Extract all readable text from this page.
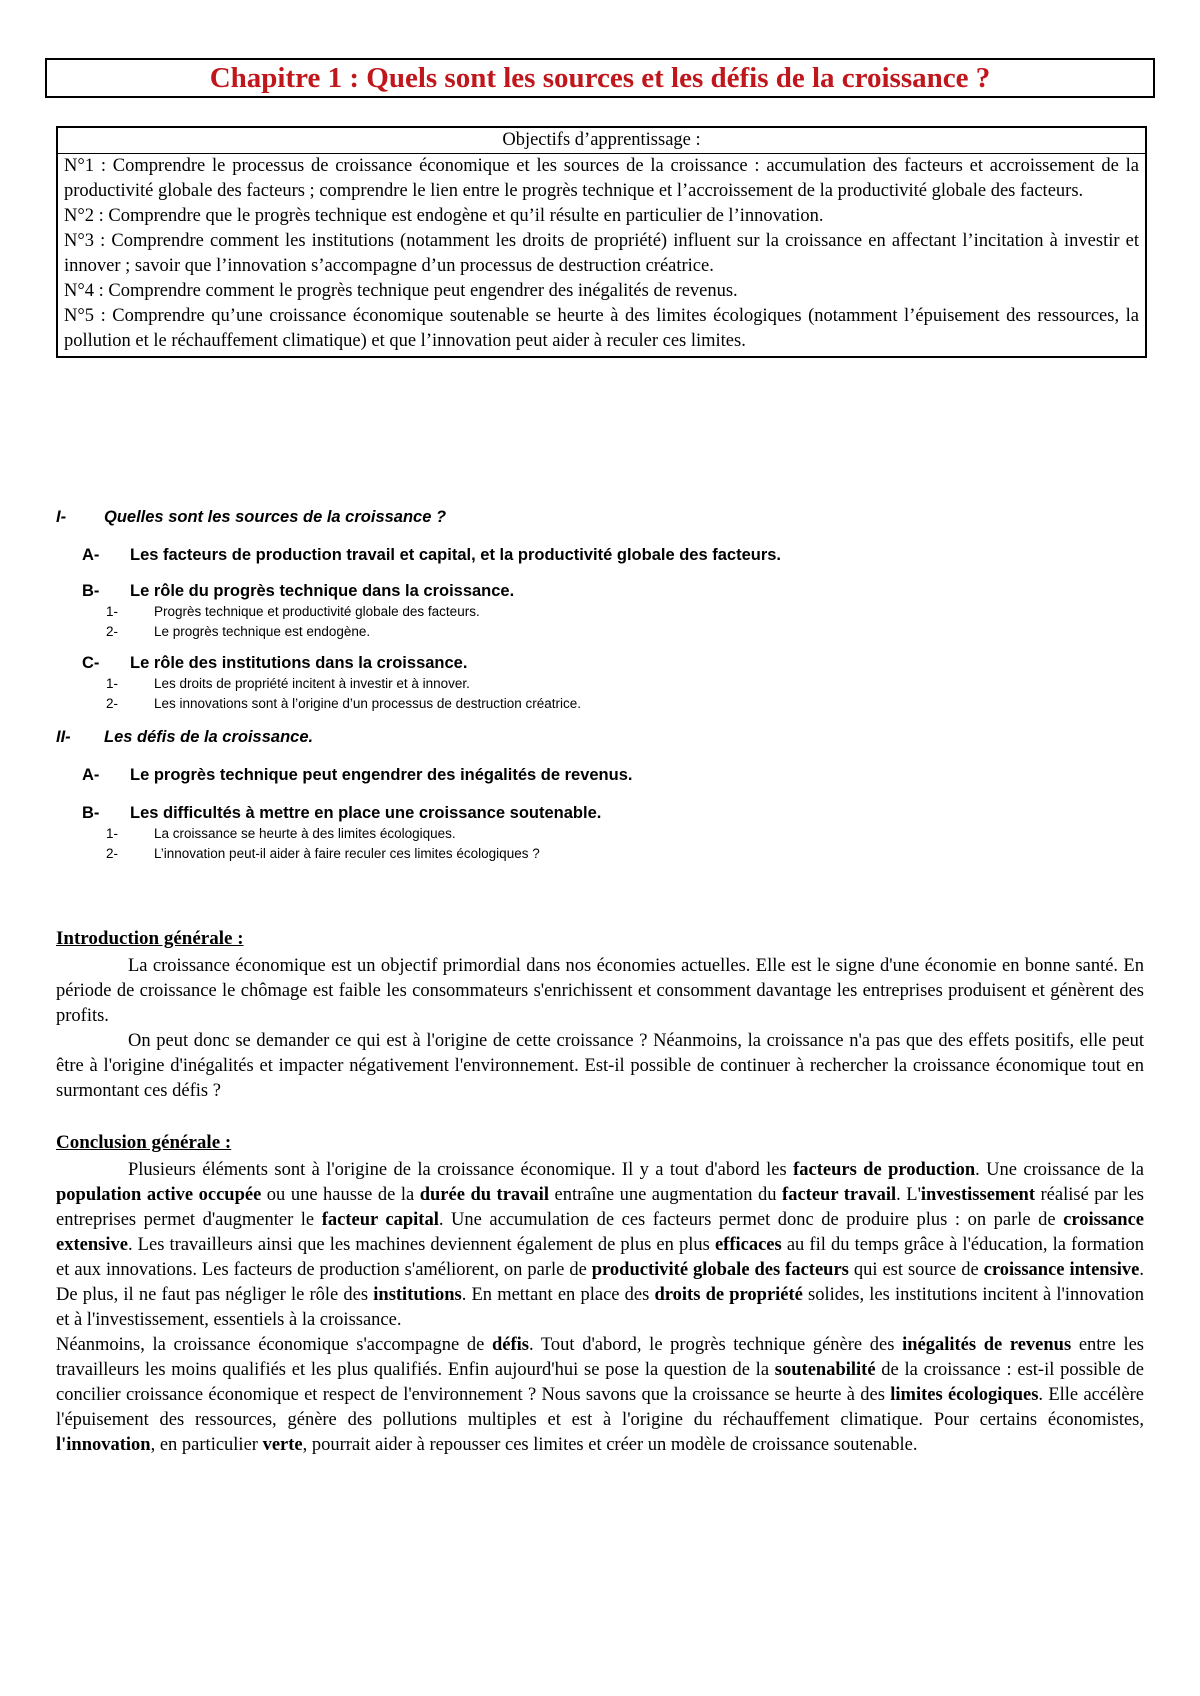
Chapitre 1 : Quels sont les sources et les défis de la croissance ?
Objectifs d’apprentissage :

N°1 : Comprendre le processus de croissance économique et les sources de la croissance : accumulation des facteurs et accroissement de la productivité globale des facteurs ; comprendre le lien entre le progrès technique et l’accroissement de la productivité globale des facteurs.

N°2 : Comprendre que le progrès technique est endogène et qu’il résulte en particulier de l’innovation.

N°3 : Comprendre comment les institutions (notamment les droits de propriété) influent sur la croissance en affectant l’incitation à investir et innover ; savoir que l’innovation s’accompagne d’un processus de destruction créatrice.

N°4 : Comprendre comment le progrès technique peut engendrer des inégalités de revenus.

N°5 : Comprendre qu’une croissance économique soutenable se heurte à des limites écologiques (notamment l’épuisement des ressources, la pollution et le réchauffement climatique) et que l’innovation peut aider à reculer ces limites.

I-	Quelles sont les sources de la croissance ?
A-	Les facteurs de production travail et capital, et la productivité globale des facteurs.
B-	Le rôle du progrès technique dans la croissance.
1-	Progrès technique et productivité globale des facteurs.
2-	Le progrès technique est endogène.
C-	Le rôle des institutions dans la croissance.
1-	Les droits de propriété incitent à investir et à innover.
2-	Les innovations sont à l’origine d’un processus de destruction créatrice.
II-	Les défis de la croissance.
A-	Le progrès technique peut engendrer des inégalités de revenus.
B-	Les difficultés à mettre en place une croissance soutenable.
1-	La croissance se heurte à des limites écologiques.
2-	L’innovation peut-il aider à faire reculer ces limites écologiques ?
Introduction générale :

La croissance économique est un objectif primordial dans nos économies actuelles. Elle est le signe d'une économie en bonne santé. En période de croissance le chômage est faible les consommateurs s'enrichissent et consomment davantage les entreprises produisent et génèrent des profits.

On peut donc se demander ce qui est à l'origine de cette croissance ? Néanmoins, la croissance n'a pas que des effets positifs, elle peut être à l'origine d'inégalités et impacter négativement l'environnement. Est-il possible de continuer à rechercher la croissance économique tout en surmontant ces défis ?

Conclusion générale :

Plusieurs éléments sont à l'origine de la croissance économique. Il y a tout d'abord les facteurs de production. Une croissance de la population active occupée ou une hausse de la durée du travail entraîne une augmentation du facteur travail. L'investissement réalisé par les entreprises permet d'augmenter le facteur capital. Une accumulation de ces facteurs permet donc de produire plus : on parle de croissance extensive. Les travailleurs ainsi que les machines deviennent également de plus en plus efficaces au fil du temps grâce à l'éducation, la formation et aux innovations. Les facteurs de production s'améliorent, on parle de productivité globale des facteurs qui est source de croissance intensive. De plus, il ne faut pas négliger le rôle des institutions. En mettant en place des droits de propriété solides, les institutions incitent à l'innovation et à l'investissement, essentiels à la croissance.

Néanmoins, la croissance économique s'accompagne de défis. Tout d'abord, le progrès technique génère des inégalités de revenus entre les travailleurs les moins qualifiés et les plus qualifiés. Enfin aujourd'hui se pose la question de la soutenabilité de la croissance : est-il possible de concilier croissance économique et respect de l'environnement ? Nous savons que la croissance se heurte à des limites écologiques. Elle accélère l'épuisement des ressources, génère des pollutions multiples et est à l'origine du réchauffement climatique. Pour certains économistes, l'innovation, en particulier verte, pourrait aider à repousser ces limites et créer un modèle de croissance soutenable.
